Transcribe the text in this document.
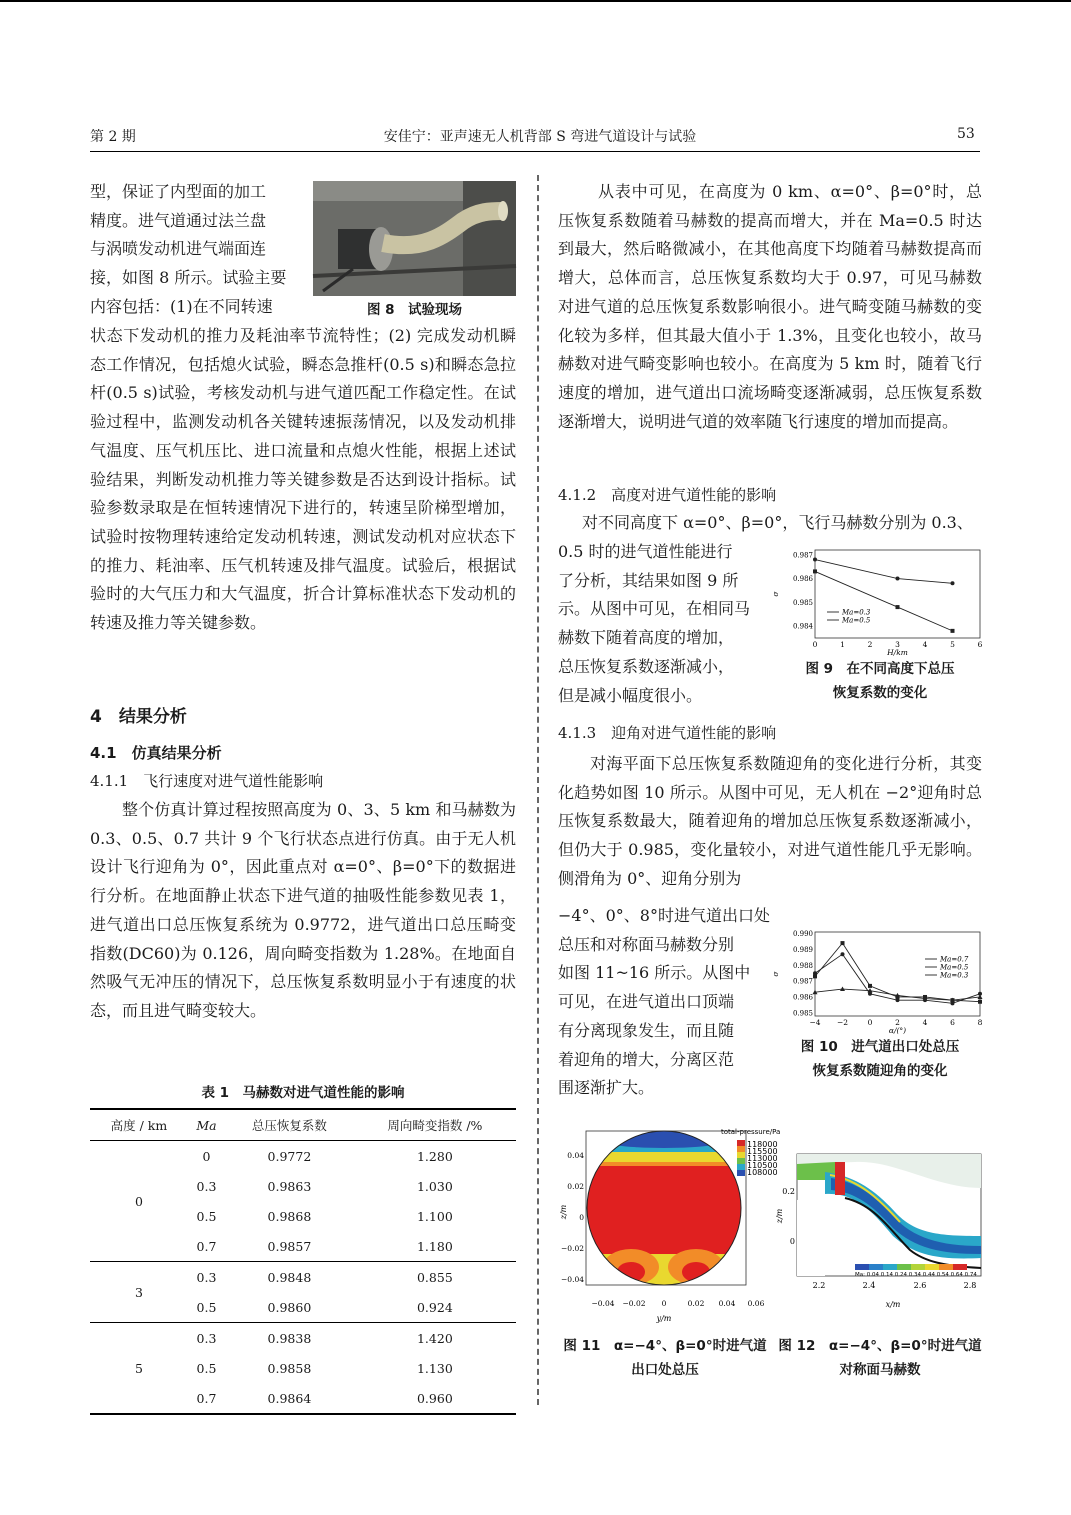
第 2 期	安佳宁：亚声速无人机背部 S 弯进气道设计与试验	53
型，保证了内型面的加工
精度。进气道通过法兰盘
与涡喷发动机进气端面连
接，如图 8 所示。试验主要
内容包括：(1)在不同转速	图 8　试验现场
状态下发动机的推力及耗油率节流特性；(2) 完成发动机瞬态工作情况，包括熄火试验，瞬态急推杆(0.5 s)和瞬态急拉杆(0.5 s)试验，考核发动机与进气道匹配工作稳定性。在试验过程中，监测发动机各关键转速振荡情况，以及发动机排气温度、压气机压比、进口流量和点熄火性能，根据上述试验结果，判断发动机推力等关键参数是否达到设计指标。试验参数录取是在恒转速情况下进行的，转速呈阶梯型增加，试验时按物理转速给定发动机转速，测试发动机对应状态下的推力、耗油率、压气机转速及排气温度。试验后，根据试验时的大气压力和大气温度，折合计算标准状态下发动机的转速及推力等关键参数。
4　结果分析
4.1　仿真结果分析
4.1.1　飞行速度对进气道性能影响
整个仿真计算过程按照高度为 0、3、5 km 和马赫数为 0.3、0.5、0.7 共计 9 个飞行状态点进行仿真。由于无人机设计飞行迎角为 0°，因此重点对 α=0°、β=0°下的数据进行分析。在地面静止状态下进气道的抽吸性能参数见表 1，进气道出口总压恢复系统为 0.9772，进气道出口总压畸变指数(DC60)为 0.126，周向畸变指数为 1.28%。在地面自然吸气无冲压的情况下，总压恢复系数明显小于有速度的状态，而且进气畸变较大。
表 1　马赫数对进气道性能的影响
高度 / km	Ma	总压恢复系数	周向畸变指数 /%
0	0	0.9772	1.280
	0.3	0.9863	1.030
	0.5	0.9868	1.100
	0.7	0.9857	1.180
3	0.3	0.9848	0.855
	0.5	0.9860	0.924
5	0.3	0.9838	1.420
	0.5	0.9858	1.130
	0.7	0.9864	0.960
从表中可见，在高度为 0 km、α=0°、β=0°时，总压恢复系数随着马赫数的提高而增大，并在 Ma=0.5 时达到最大，然后略微减小，在其他高度下均随着马赫数提高而增大，总体而言，总压恢复系数均大于 0.97，可见马赫数对进气道的总压恢复系数影响很小。进气畸变随马赫数的变化较为多样，但其最大值小于 1.3%，且变化也较小，故马赫数对进气畸变影响也较小。在高度为 5 km 时，随着飞行速度的增加，进气道出口流场畸变逐渐减弱，总压恢复系数逐渐增大，说明进气道的效率随飞行速度的增加而提高。
4.1.2　高度对进气道性能的影响
对不同高度下 α=0°、β=0°，飞行马赫数分别为 0.3、
0.5 时的进气道性能进行
了分析，其结果如图 9 所
示。从图中可见，在相同马
赫数下随着高度的增加，
总压恢复系数逐渐减小，
但是减小幅度很小。
0	1	2	3	4	5	6
0.984
0.985
0.986
0.987
H/km
σ
Ma=0.3
Ma=0.5
图 9　在不同高度下总压
恢复系数的变化
4.1.3　迎角对进气道性能的影响
对海平面下总压恢复系数随迎角的变化进行分析，其变化趋势如图 10 所示。从图中可见，无人机在 −2°迎角时总压恢复系数最大，随着迎角的增加总压恢复系数逐渐减小，但仍大于 0.985，变化量较小，对进气道性能几乎无影响。侧滑角为 0°、迎角分别为
−4°、0°、8°时进气道出口处
总压和对称面马赫数分别
如图 11~16 所示。从图中
可见，在进气道出口顶端
有分离现象发生，而且随
着迎角的增大，分离区范
围逐渐扩大。
−4 −2	0	2	4	6	8
0.985
0.986
0.987
0.988
0.989
0.990
α/(°)
σ
Ma=0.7
Ma=0.5
Ma=0.3
图 10　进气道出口处总压
恢复系数随迎角的变化
total-pressure/Pa
118000
115500
113000
110500
108000
0.04
0.02
0
−0.02
−0.04
−0.04 −0.02 0	0.02 0.04 0.06
y/m
z/m
图 11　α=−4°、β=0°时进气道
出口处总压
Ma: 0.04 0.14 0.24 0.34 0.44 0.54 0.64 0.74
2.2	2.4	2.6	2.8
0.2
0
x/m
z/m
图 12　α=−4°、β=0°时进气道
对称面马赫数
